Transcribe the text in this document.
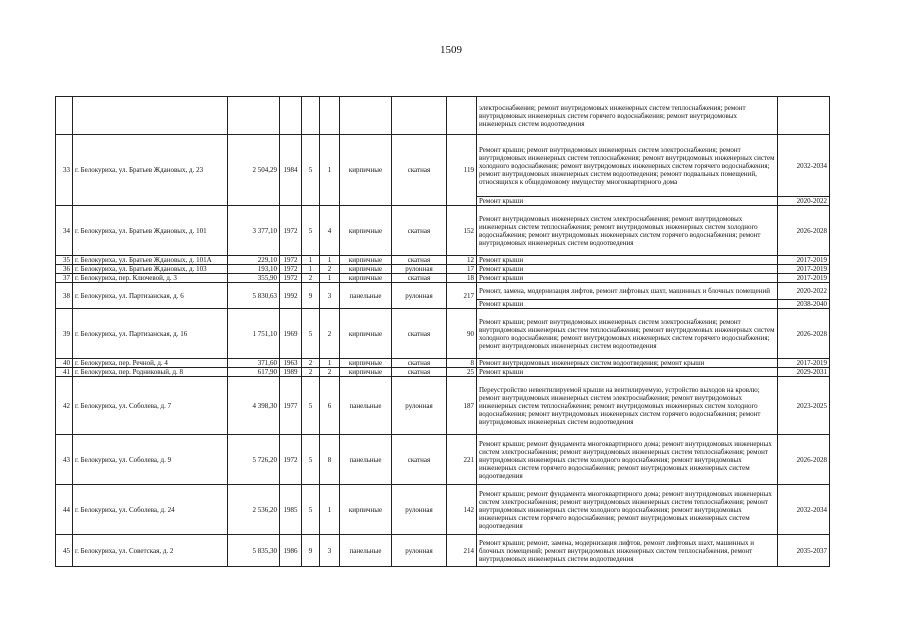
1509
									электроснабжения; ремонт внутридомовых инженерных систем теплоснабжения; ремонт внутридомовых инженерных систем горячего водоснабжения; ремонт внутридомовых инженерных систем водоотведения	
33	г. Белокуриха, ул. Братьев Ждановых, д. 23	2 504,29	1984	5	1	кирпичные	скатная	119	Ремонт крыши; ремонт внутридомовых инженерных систем электроснабжения; ремонт внутридомовых инженерных систем теплоснабжения; ремонт внутридомовых инженерных систем холодного водоснабжения; ремонт внутридомовых инженерных систем горячего водоснабжения; ремонт внутридомовых инженерных систем водоотведения; ремонт подвальных помещений, относящихся к общедомовому имуществу многоквартирного дома	2032-2034
									Ремонт крыши	2020-2022
34	г. Белокуриха, ул. Братьев Ждановых, д. 101	3 377,10	1972	5	4	кирпичные	скатная	152	Ремонт внутридомовых инженерных систем электроснабжения; ремонт внутридомовых инженерных систем теплоснабжения; ремонт внутридомовых инженерных систем холодного водоснабжения; ремонт внутридомовых инженерных систем горячего водоснабжения; ремонт внутридомовых инженерных систем водоотведения	2026-2028
35	г. Белокуриха, ул. Братьев Ждановых, д. 101А	229,10	1972	1	1	кирпичные	скатная	12	Ремонт крыши	2017-2019
36	г. Белокуриха, ул. Братьев Ждановых, д. 103	193,10	1972	1	2	кирпичные	рулонная	17	Ремонт крыши	2017-2019
37	г. Белокуриха, пер. Ключевой, д. 3	355,90	1972	2	1	кирпичные	скатная	18	Ремонт крыши	2017-2019
38	г. Белокуриха, ул. Партизанская, д. 6	5 830,63	1992	9	3	панельные	рулонная	217	Ремонт, замена, модернизация лифтов, ремонт лифтовых шахт, машинных и блочных помещений	2020-2022
									Ремонт крыши	2038-2040
39	г. Белокуриха, ул. Партизанская, д. 16	1 751,10	1969	5	2	кирпичные	скатная	90	Ремонт крыши; ремонт внутридомовых инженерных систем электроснабжения; ремонт внутридомовых инженерных систем теплоснабжения; ремонт внутридомовых инженерных систем холодного водоснабжения; ремонт внутридомовых инженерных систем горячего водоснабжения; ремонт внутридомовых инженерных систем водоотведения	2026-2028
40	г. Белокуриха, пер. Речной, д. 4	371,60	1963	2	1	кирпичные	скатная	8	Ремонт внутридомовых инженерных систем водоотведения; ремонт крыши	2017-2019
41	г. Белокуриха, пер. Родниковый, д. 8	617,90	1989	2	2	кирпичные	скатная	25	Ремонт крыши	2029-2031
42	г. Белокуриха, ул. Соболева, д. 7	4 398,30	1977	5	6	панельные	рулонная	187	Переустройство невентилируемой крыши на вентилируемую, устройство выходов на кровлю; ремонт внутридомовых инженерных систем электроснабжения; ремонт внутридомовых инженерных систем теплоснабжения; ремонт внутридомовых инженерных систем холодного водоснабжения; ремонт внутридомовых инженерных систем горячего водоснабжения; ремонт внутридомовых инженерных систем водоотведения	2023-2025
43	г. Белокуриха, ул. Соболева, д. 9	5 726,20	1972	5	8	панельные	скатная	221	Ремонт крыши; ремонт фундамента многоквартирного дома; ремонт внутридомовых инженерных систем электроснабжения; ремонт внутридомовых инженерных систем теплоснабжения; ремонт внутридомовых инженерных систем холодного водоснабжения; ремонт внутридомовых инженерных систем горячего водоснабжения; ремонт внутридомовых инженерных систем водоотведения	2026-2028
44	г. Белокуриха, ул. Соболева, д. 24	2 536,20	1985	5	1	кирпичные	рулонная	142	Ремонт крыши; ремонт фундамента многоквартирного дома; ремонт внутридомовых инженерных систем электроснабжения; ремонт внутридомовых инженерных систем теплоснабжения; ремонт внутридомовых инженерных систем холодного водоснабжения; ремонт внутридомовых инженерных систем горячего водоснабжения; ремонт внутридомовых инженерных систем водоотведения	2032-2034
45	г. Белокуриха, ул. Советская, д. 2	5 835,30	1986	9	3	панельные	рулонная	214	Ремонт крыши; ремонт, замена, модернизация лифтов, ремонт лифтовых шахт, машинных и блочных помещений; ремонт внутридомовых инженерных систем теплоснабжения, ремонт внутридомовых инженерных систем водоотведения	2035-2037
